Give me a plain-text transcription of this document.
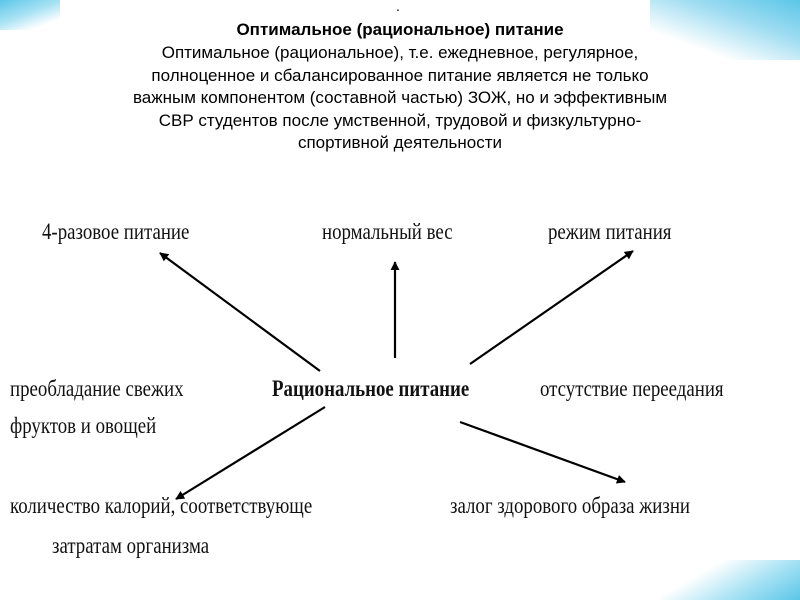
.
Оптимальное (рациональное) питание
Оптимальное (рациональное), т.е. ежедневное, регулярное,
полноценное и сбалансированное питание является не только
важным компонентом (составной частью) ЗОЖ, но и эффективным
СВР студентов после умственной, трудовой и физкультурно-
спортивной деятельности
4-разовое питание	нормальный вес	режим питания
преобладание свежих
фруктов и овощей
Рациональное питание	отсутствие переедания
количество калорий, соответствующе
затратам организма
залог здорового образа жизни
